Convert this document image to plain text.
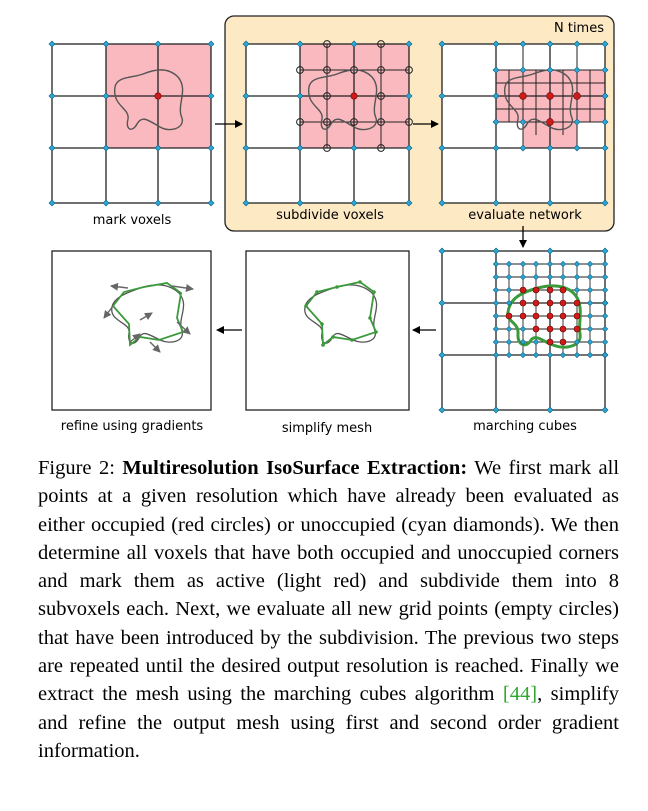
N times
mark voxels	subdivide voxels	evaluate network
marching cubes
simplify mesh
refine using gradients

Figure 2: Multiresolution IsoSurface Extraction: We first mark all points at a given resolution which have already been evaluated as either occupied (red circles) or unoccupied (cyan diamonds). We then determine all voxels that have both occupied and unoccupied corners and mark them as active (light red) and subdivide them into 8 subvoxels each. Next, we evaluate all new grid points (empty circles) that have been introduced by the subdivision. The previous two steps are repeated until the desired output resolution is reached. Finally we extract the mesh using the marching cubes algorithm [44], simplify and refine the output mesh using first and second order gradient information.
